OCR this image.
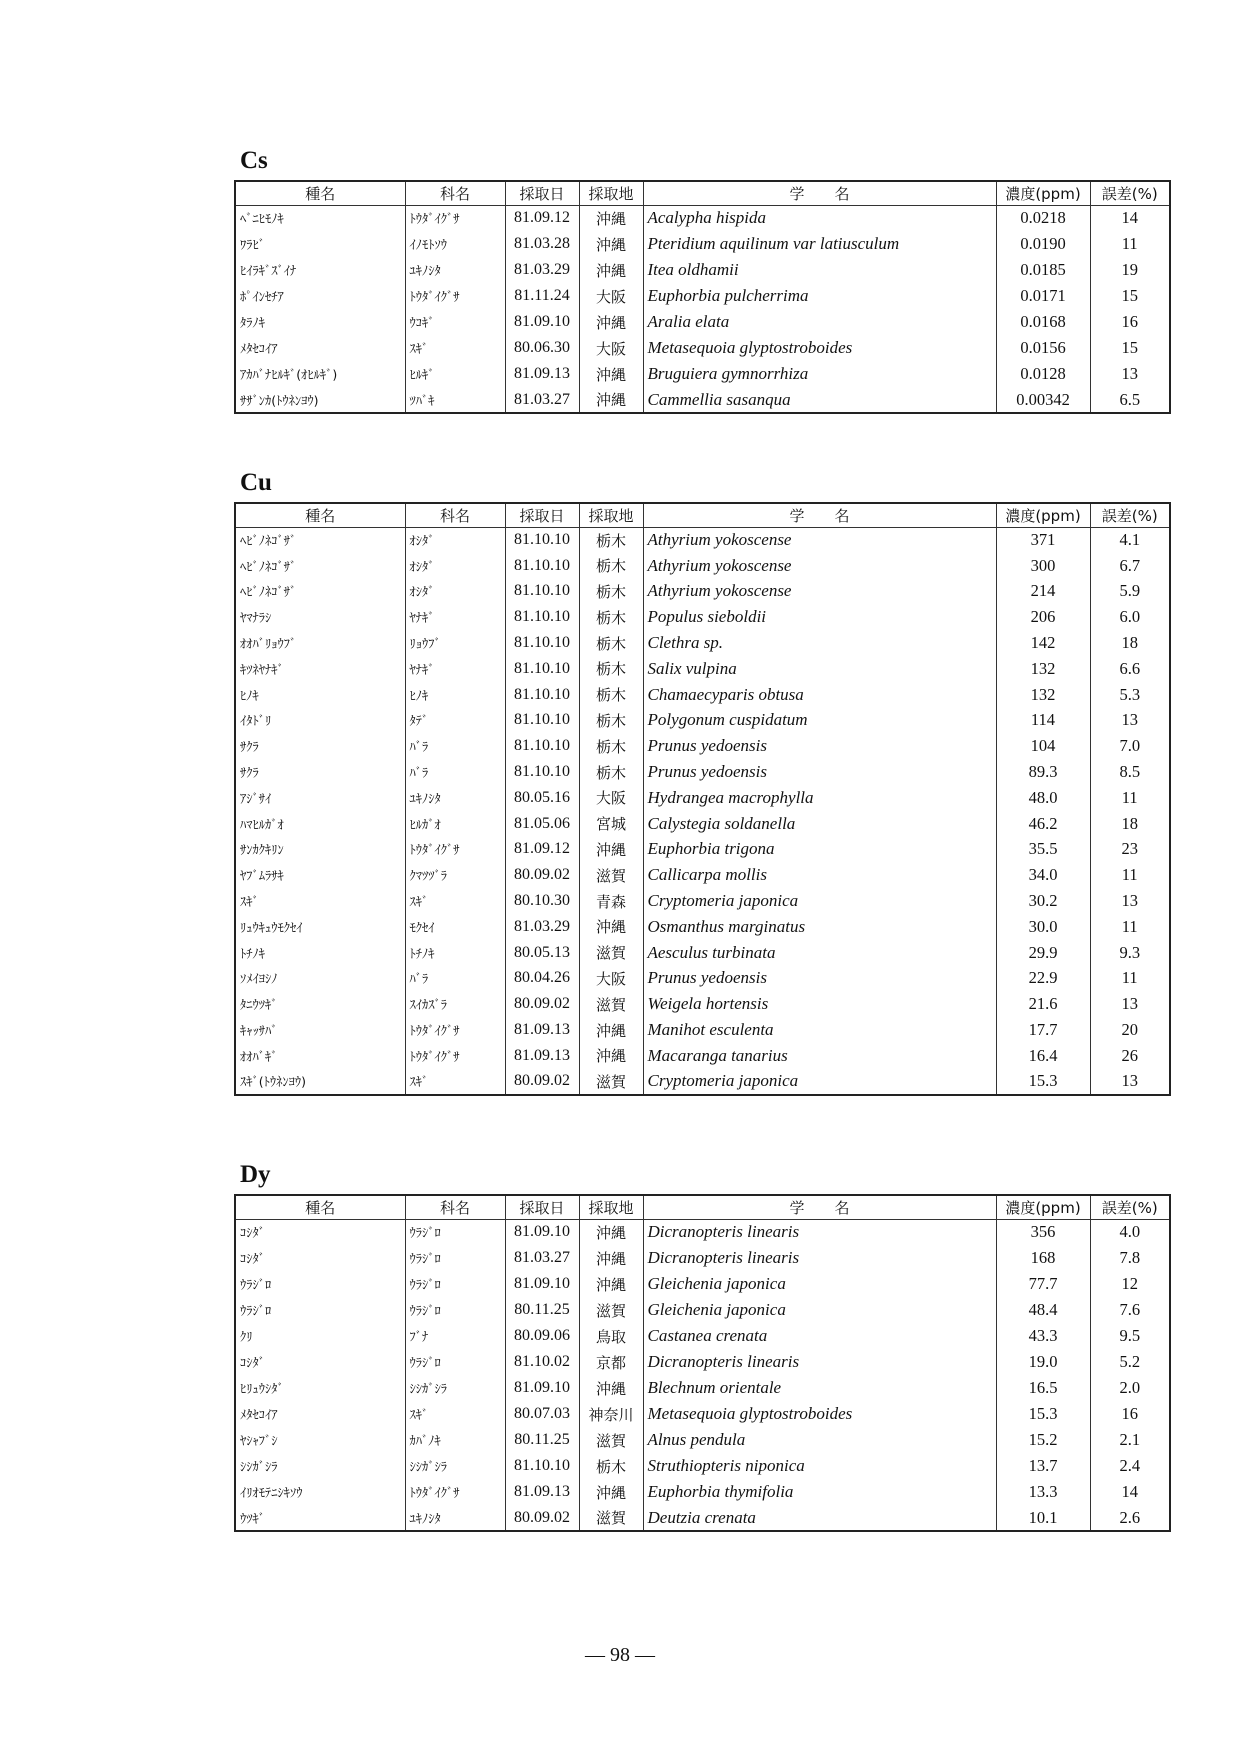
Cs
種名	科名	採取日	採取地	学　　名	濃度(ppm)	誤差(%)
ﾍﾞﾆﾋﾓﾉｷ	ﾄｳﾀﾞｲｸﾞｻ	81.09.12	沖縄	Acalypha hispida	0.0218	14
ﾜﾗﾋﾞ	ｲﾉﾓﾄｿｳ	81.03.28	沖縄	Pteridium aquilinum var latiusculum	0.0190	11
ﾋｲﾗｷﾞｽﾞｲﾅ	ﾕｷﾉｼﾀ	81.03.29	沖縄	Itea oldhamii	0.0185	19
ﾎﾟｲﾝｾﾁｱ	ﾄｳﾀﾞｲｸﾞｻ	81.11.24	大阪	Euphorbia pulcherrima	0.0171	15
ﾀﾗﾉｷ	ｳｺｷﾞ	81.09.10	沖縄	Aralia elata	0.0168	16
ﾒﾀｾｺｲｱ	ｽｷﾞ	80.06.30	大阪	Metasequoia glyptostroboides	0.0156	15
ｱｶﾊﾞﾅﾋﾙｷﾞ(ｵﾋﾙｷﾞ)	ﾋﾙｷﾞ	81.09.13	沖縄	Bruguiera gymnorrhiza	0.0128	13
ｻｻﾞﾝｶ(ﾄｳﾈﾝﾖｳ)	ﾂﾊﾞｷ	81.03.27	沖縄	Cammellia sasanqua	0.00342	6.5
Cu
種名	科名	採取日	採取地	学　　名	濃度(ppm)	誤差(%)
ﾍﾋﾞﾉﾈｺﾞｻﾞ	ｵｼﾀﾞ	81.10.10	栃木	Athyrium yokoscense	371	4.1
ﾍﾋﾞﾉﾈｺﾞｻﾞ	ｵｼﾀﾞ	81.10.10	栃木	Athyrium yokoscense	300	6.7
ﾍﾋﾞﾉﾈｺﾞｻﾞ	ｵｼﾀﾞ	81.10.10	栃木	Athyrium yokoscense	214	5.9
ﾔﾏﾅﾗｼ	ﾔﾅｷﾞ	81.10.10	栃木	Populus sieboldii	206	6.0
ｵｵﾊﾞﾘｮｳﾌﾞ	ﾘｮｳﾌﾞ	81.10.10	栃木	Clethra sp.	142	18
ｷﾂﾈﾔﾅｷﾞ	ﾔﾅｷﾞ	81.10.10	栃木	Salix vulpina	132	6.6
ﾋﾉｷ	ﾋﾉｷ	81.10.10	栃木	Chamaecyparis obtusa	132	5.3
ｲﾀﾄﾞﾘ	ﾀﾃﾞ	81.10.10	栃木	Polygonum cuspidatum	114	13
ｻｸﾗ	ﾊﾞﾗ	81.10.10	栃木	Prunus yedoensis	104	7.0
ｻｸﾗ	ﾊﾞﾗ	81.10.10	栃木	Prunus yedoensis	89.3	8.5
ｱｼﾞｻｲ	ﾕｷﾉｼﾀ	80.05.16	大阪	Hydrangea macrophylla	48.0	11
ﾊﾏﾋﾙｶﾞｵ	ﾋﾙｶﾞｵ	81.05.06	宮城	Calystegia soldanella	46.2	18
ｻﾝｶｸｷﾘﾝ	ﾄｳﾀﾞｲｸﾞｻ	81.09.12	沖縄	Euphorbia trigona	35.5	23
ﾔﾌﾞﾑﾗｻｷ	ｸﾏﾂﾂﾞﾗ	80.09.02	滋賀	Callicarpa mollis	34.0	11
ｽｷﾞ	ｽｷﾞ	80.10.30	青森	Cryptomeria japonica	30.2	13
ﾘｭｳｷｭｳﾓｸｾｲ	ﾓｸｾｲ	81.03.29	沖縄	Osmanthus marginatus	30.0	11
ﾄﾁﾉｷ	ﾄﾁﾉｷ	80.05.13	滋賀	Aesculus turbinata	29.9	9.3
ｿﾒｲﾖｼﾉ	ﾊﾞﾗ	80.04.26	大阪	Prunus yedoensis	22.9	11
ﾀﾆｳﾂｷﾞ	ｽｲｶｽﾞﾗ	80.09.02	滋賀	Weigela hortensis	21.6	13
ｷｬｯｻﾊﾞ	ﾄｳﾀﾞｲｸﾞｻ	81.09.13	沖縄	Manihot esculenta	17.7	20
ｵｵﾊﾞｷﾞ	ﾄｳﾀﾞｲｸﾞｻ	81.09.13	沖縄	Macaranga tanarius	16.4	26
ｽｷﾞ(ﾄｳﾈﾝﾖｳ)	ｽｷﾞ	80.09.02	滋賀	Cryptomeria japonica	15.3	13
Dy
種名	科名	採取日	採取地	学　　名	濃度(ppm)	誤差(%)
ｺｼﾀﾞ	ｳﾗｼﾞﾛ	81.09.10	沖縄	Dicranopteris linearis	356	4.0
ｺｼﾀﾞ	ｳﾗｼﾞﾛ	81.03.27	沖縄	Dicranopteris linearis	168	7.8
ｳﾗｼﾞﾛ	ｳﾗｼﾞﾛ	81.09.10	沖縄	Gleichenia japonica	77.7	12
ｳﾗｼﾞﾛ	ｳﾗｼﾞﾛ	80.11.25	滋賀	Gleichenia japonica	48.4	7.6
ｸﾘ	ﾌﾞﾅ	80.09.06	鳥取	Castanea crenata	43.3	9.5
ｺｼﾀﾞ	ｳﾗｼﾞﾛ	81.10.02	京都	Dicranopteris linearis	19.0	5.2
ﾋﾘｭｳｼﾀﾞ	ｼｼｶﾞｼﾗ	81.09.10	沖縄	Blechnum orientale	16.5	2.0
ﾒﾀｾｺｲｱ	ｽｷﾞ	80.07.03	神奈川	Metasequoia glyptostroboides	15.3	16
ﾔｼｬﾌﾞｼ	ｶﾊﾞﾉｷ	80.11.25	滋賀	Alnus pendula	15.2	2.1
ｼｼｶﾞｼﾗ	ｼｼｶﾞｼﾗ	81.10.10	栃木	Struthiopteris niponica	13.7	2.4
ｲﾘｵﾓﾃﾆｼｷｿｳ	ﾄｳﾀﾞｲｸﾞｻ	81.09.13	沖縄	Euphorbia thymifolia	13.3	14
ｳﾂｷﾞ	ﾕｷﾉｼﾀ	80.09.02	滋賀	Deutzia crenata	10.1	2.6
— 98 —
